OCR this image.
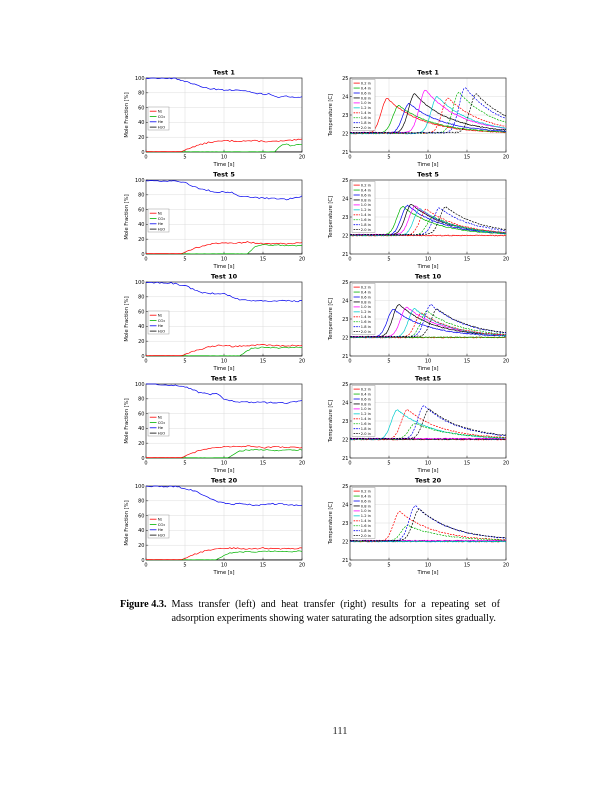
0	5	10	15	20
0
20
40
60
80
100
N₂
CO₂
He
H₂O
Test 1
Mole Fraction [%]
Time [s]
0	5	10	15	20
21
22
23
24
25
0.2 in
0.4 in
0.6 in
0.8 in
1.0 in
1.2 in
1.4 in
1.6 in
1.8 in
2.0 in
Test 1
Temperature [C]
Time [s]
0	5	10	15	20
0
20
40
60
80
100
N₂
CO₂
He
H₂O
Test 5
Mole Fraction [%]
Time [s]
0	5	10	15	20
21
22
23
24
25
0.2 in
0.4 in
0.6 in
0.8 in
1.0 in
1.2 in
1.4 in
1.6 in
1.8 in
2.0 in
Test 5
Temperature [C]
Time [s]
0	5	10	15	20
0
20
40
60
80
100
N₂
CO₂
He
H₂O
Test 10
Mole Fraction [%]
Time [s]
0	5	10	15	20
21
22
23
24
25
0.2 in
0.4 in
0.6 in
0.8 in
1.0 in
1.2 in
1.4 in
1.6 in
1.8 in
2.0 in
Test 10
Temperature [C]
Time [s]
0	5	10	15	20
0
20
40
60
80
100
N₂
CO₂
He
H₂O
Test 15
Mole Fraction [%]
Time [s]
0	5	10	15	20
21
22
23
24
25
0.2 in
0.4 in
0.6 in
0.8 in
1.0 in
1.2 in
1.4 in
1.6 in
1.8 in
2.0 in
Test 15
Temperature [C]
Time [s]
0	5	10	15	20
0
20
40
60
80
100
N₂
CO₂
He
H₂O
Test 20
Mole Fraction [%]
Time [s]
0	5	10	15	20
21
22
23
24
25
0.2 in
0.4 in
0.6 in
0.8 in
1.0 in
1.2 in
1.4 in
1.6 in
1.8 in
2.0 in
Test 20
Temperature [C]
Time [s]
Figure 4.3. Mass transfer (left) and heat transfer (right) results for a repeating set of adsorption experiments showing water saturating the adsorption sites gradually.
111
